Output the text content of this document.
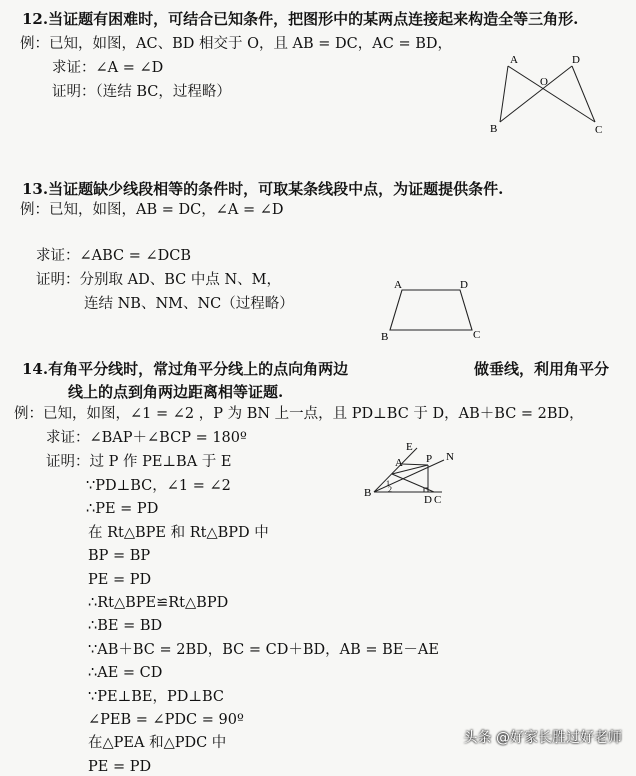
12.当证题有困难时，可结合已知条件，把图形中的某两点连接起来构造全等三角形.
例：已知，如图，AC、BD 相交于 O，且 AB = DC，AC = BD，
求证：∠A = ∠D
证明：（连结 BC，过程略）
A	D
O
B	C
13.当证题缺少线段相等的条件时，可取某条线段中点，为证题提供条件.
例：已知，如图，AB = DC，∠A = ∠D
求证：∠ABC = ∠DCB
证明：分别取 AD、BC 中点 N、M，
连结 NB、NM、NC（过程略）
A	D
B	C
14.有角平分线时，常过角平分线上的点向角两边	做垂线，利用角平分
线上的点到角两边距离相等证题.
例：已知，如图，∠1 = ∠2 ，P 为 BN 上一点，且 PD⊥BC 于 D，AB＋BC = 2BD，
求证：∠BAP＋∠BCP = 180º
证明：过 P 作 PE⊥BA 于 E
∵PD⊥BC，∠1 = ∠2
∴PE = PD
在 Rt△BPE 和 Rt△BPD 中
BP = BP
PE = PD
∴Rt△BPE≌Rt△BPD
∴BE = BD
∵AB＋BC = 2BD，BC = CD＋BD，AB = BE－AE
∴AE = CD
∵PE⊥BE，PD⊥BC
∠PEB = ∠PDC = 90º
在△PEA 和△PDC 中
PE = PD
E
A P N
B
D C
1
2
头条 @好家长胜过好老师
